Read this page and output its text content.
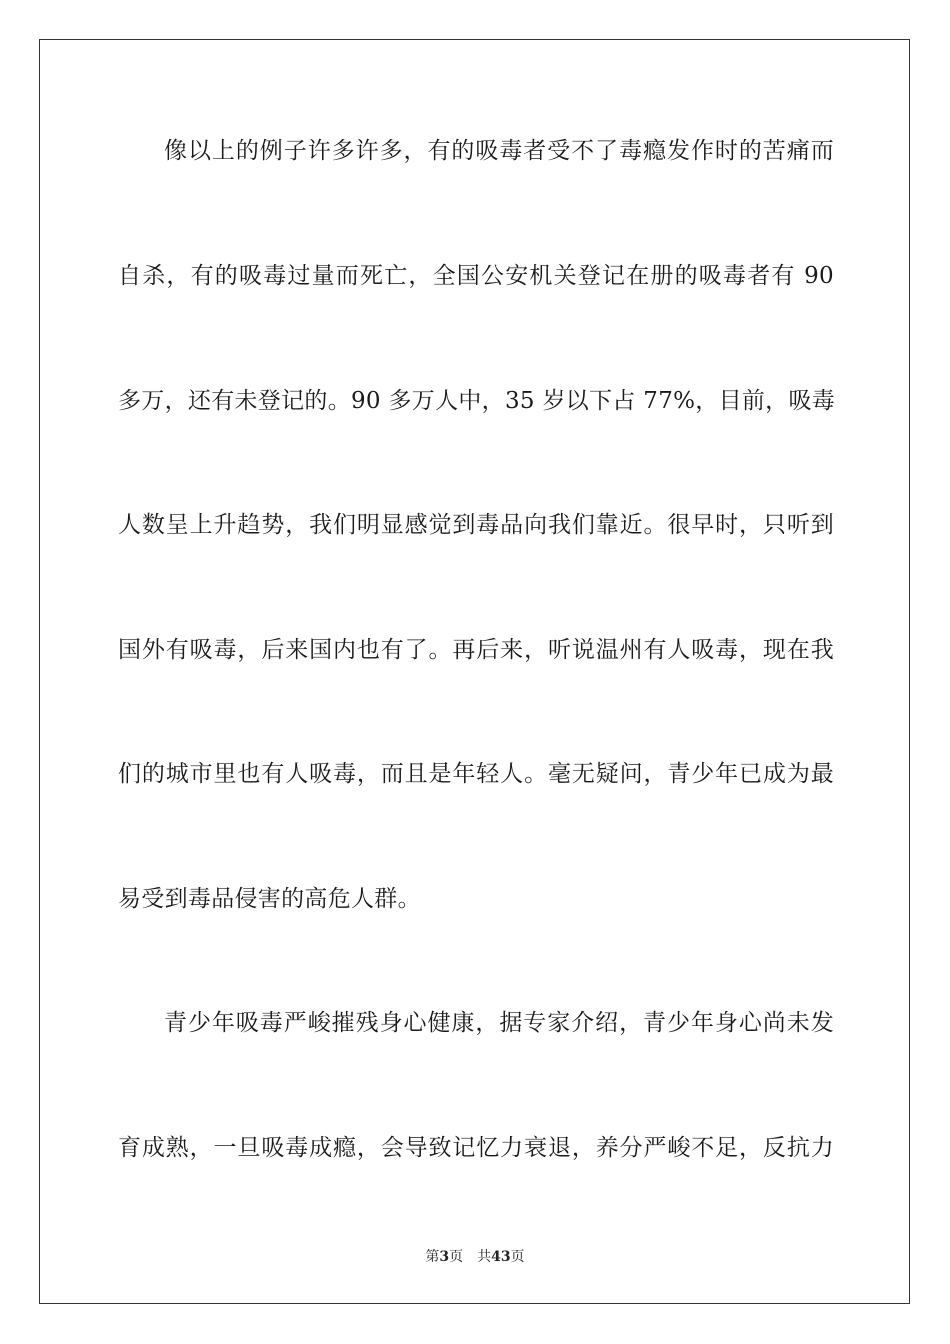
像以上的例子许多许多，有的吸毒者受不了毒瘾发作时的苦痛而
自杀，有的吸毒过量而死亡，全国公安机关登记在册的吸毒者有 90
多万，还有未登记的。90 多万人中，35 岁以下占 77%，目前，吸毒
人数呈上升趋势，我们明显感觉到毒品向我们靠近。很早时，只听到
国外有吸毒，后来国内也有了。再后来，听说温州有人吸毒，现在我
们的城市里也有人吸毒，而且是年轻人。毫无疑问，青少年已成为最
易受到毒品侵害的高危人群。
青少年吸毒严峻摧残身心健康，据专家介绍，青少年身心尚未发
育成熟，一旦吸毒成瘾，会导致记忆力衰退，养分严峻不足，反抗力
第3页 共43页
